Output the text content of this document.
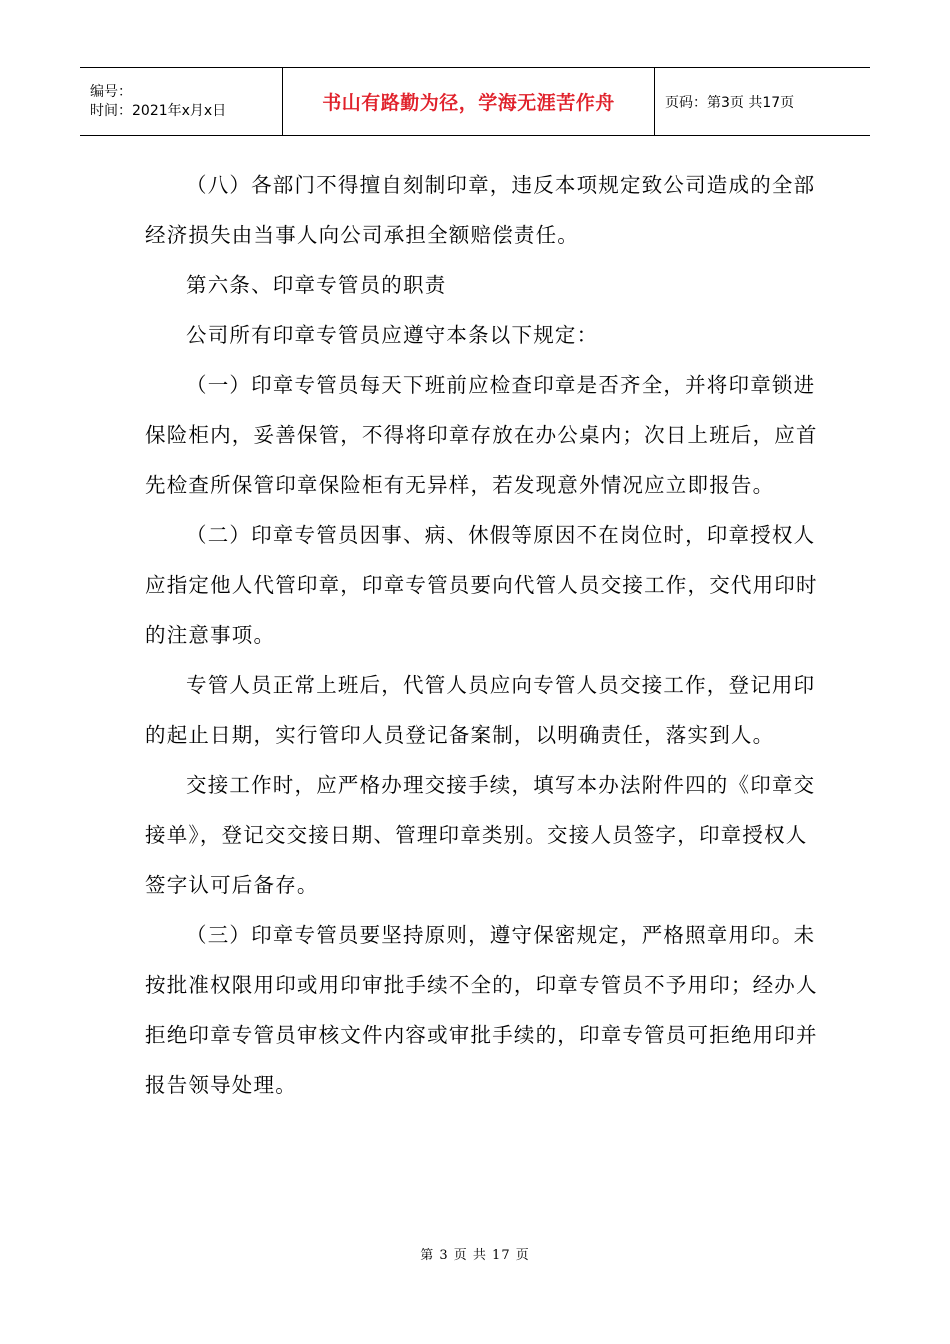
编号：
时间：2021年x月x日	书山有路勤为径，学海无涯苦作舟	页码：第3页 共17页

（八）各部门不得擅自刻制印章，违反本项规定致公司造成的全部经济损失由当事人向公司承担全额赔偿责任。

第六条、印章专管员的职责

公司所有印章专管员应遵守本条以下规定：

（一）印章专管员每天下班前应检查印章是否齐全，并将印章锁进保险柜内，妥善保管，不得将印章存放在办公桌内；次日上班后，应首先检查所保管印章保险柜有无异样，若发现意外情况应立即报告。

（二）印章专管员因事、病、休假等原因不在岗位时，印章授权人应指定他人代管印章，印章专管员要向代管人员交接工作，交代用印时的注意事项。

专管人员正常上班后，代管人员应向专管人员交接工作，登记用印的起止日期，实行管印人员登记备案制，以明确责任，落实到人。

交接工作时，应严格办理交接手续，填写本办法附件四的《印章交接单》，登记交交接日期、管理印章类别。交接人员签字，印章授权人签字认可后备存。

（三）印章专管员要坚持原则，遵守保密规定，严格照章用印。未按批准权限用印或用印审批手续不全的，印章专管员不予用印；经办人拒绝印章专管员审核文件内容或审批手续的，印章专管员可拒绝用印并报告领导处理。

第 3 页 共 17 页
